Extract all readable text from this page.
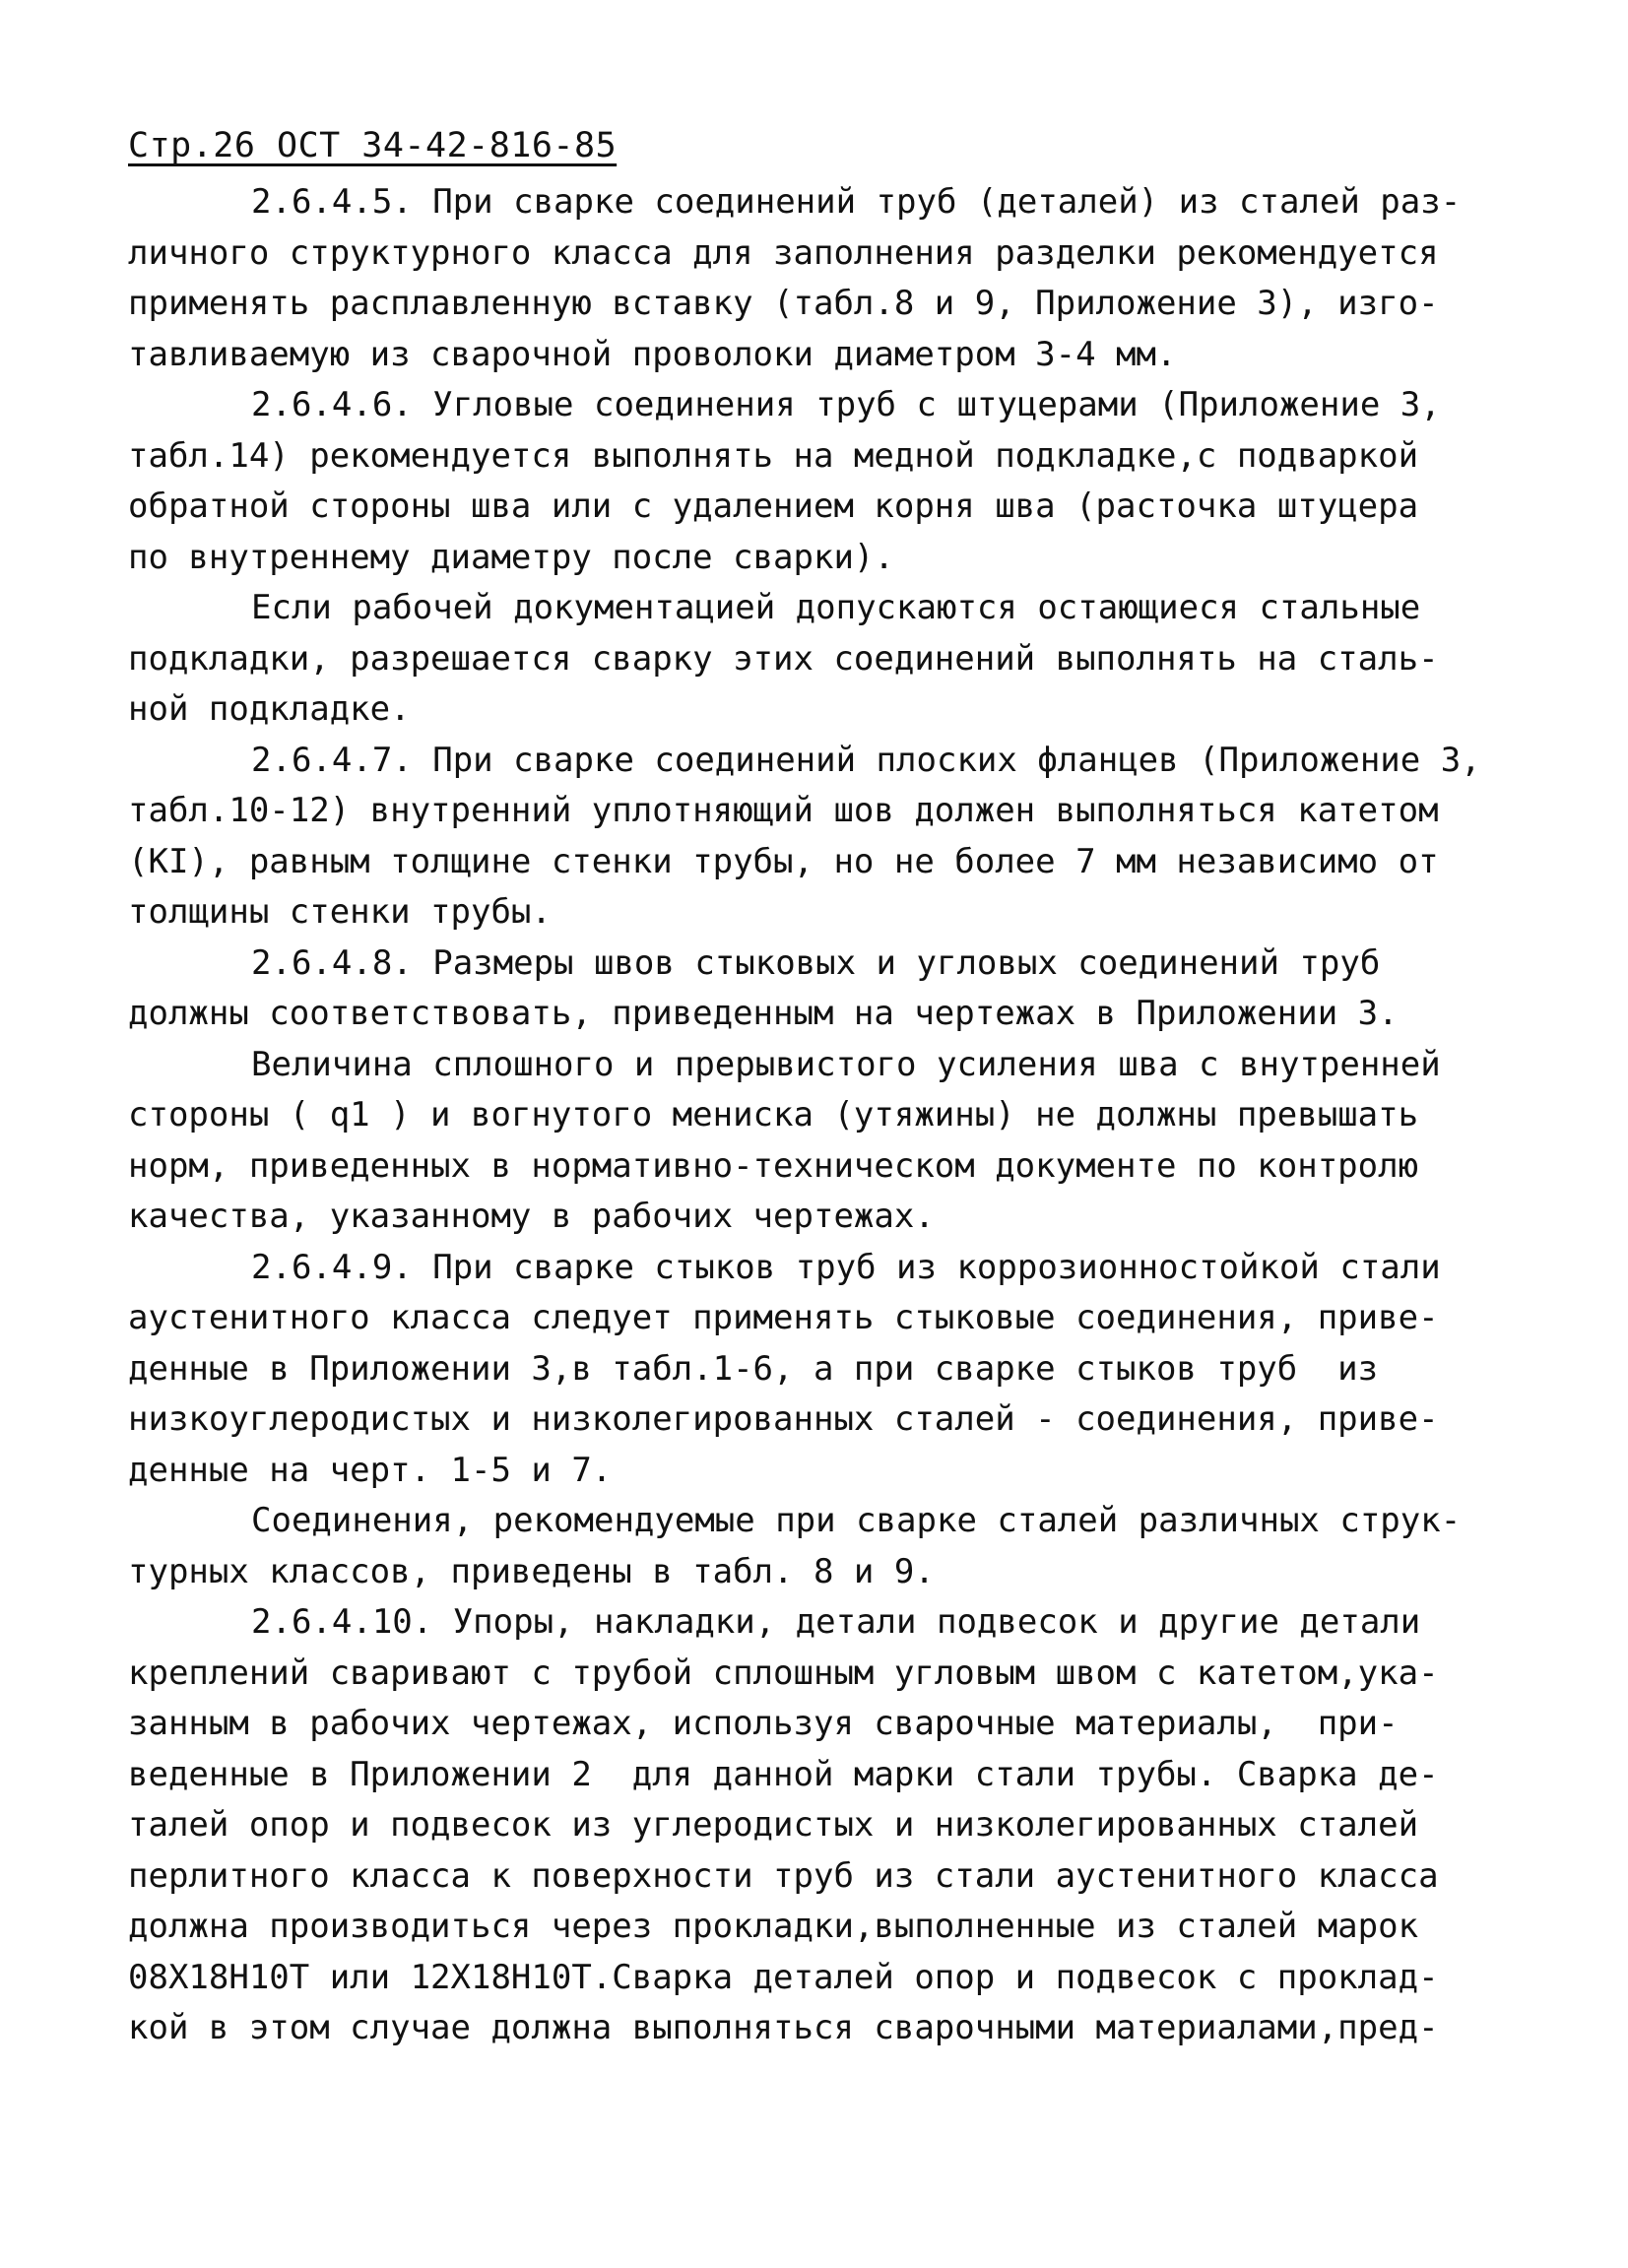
Стр.26 ОСТ 34-42-816-85
2.6.4.5. При сварке соединений труб (деталей) из сталей раз-
личного структурного класса для заполнения разделки рекомендуется
применять расплавленную вставку (табл.8 и 9, Приложение 3), изго-
тавливаемую из сварочной проволоки диаметром 3-4 мм.
2.6.4.6. Угловые соединения труб с штуцерами (Приложение 3,
табл.14) рекомендуется выполнять на медной подкладке,с подваркой
обратной стороны шва или с удалением корня шва (расточка штуцера
по внутреннему диаметру после сварки).
Если рабочей документацией допускаются остающиеся стальные
подкладки, разрешается сварку этих соединений выполнять на сталь-
ной подкладке.
2.6.4.7. При сварке соединений плоских фланцев (Приложение 3,
табл.10-12) внутренний уплотняющий шов должен выполняться катетом
(KI), равным толщине стенки трубы, но не более 7 мм независимо от
толщины стенки трубы.
2.6.4.8. Размеры швов стыковых и угловых соединений труб
должны соответствовать, приведенным на чертежах в Приложении 3.
Величина сплошного и прерывистого усиления шва с внутренней
стороны ( q1 ) и вогнутого мениска (утяжины) не должны превышать
норм, приведенных в нормативно-техническом документе по контролю
качества, указанному в рабочих чертежах.
2.6.4.9. При сварке стыков труб из коррозионностойкой стали
аустенитного класса следует применять стыковые соединения, приве-
денные в Приложении 3,в табл.1-6, а при сварке стыков труб  из
низкоуглеродистых и низколегированных сталей - соединения, приве-
денные на черт. 1-5 и 7.
Соединения, рекомендуемые при сварке сталей различных струк-
турных классов, приведены в табл. 8 и 9.
2.6.4.10. Упоры, накладки, детали подвесок и другие детали
креплений сваривают с трубой сплошным угловым швом с катетом,ука-
занным в рабочих чертежах, используя сварочные материалы,  при-
веденные в Приложении 2  для данной марки стали трубы. Сварка де-
талей опор и подвесок из углеродистых и низколегированных сталей
перлитного класса к поверхности труб из стали аустенитного класса
должна производиться через прокладки,выполненные из сталей марок
08Х18Н10Т или 12Х18Н10Т.Сварка деталей опор и подвесок с проклад-
кой в этом случае должна выполняться сварочными материалами,пред-
